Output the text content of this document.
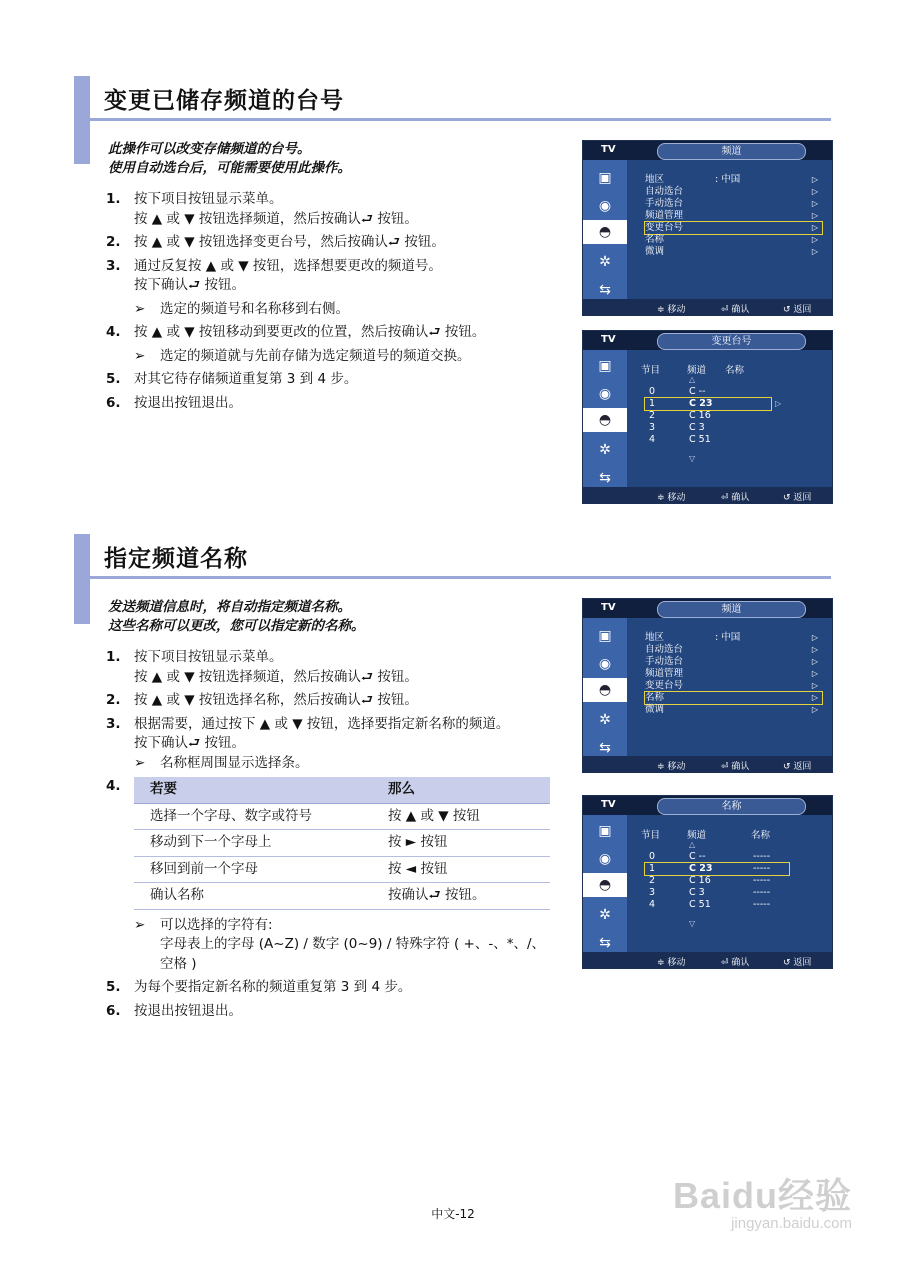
变更已储存频道的台号
此操作可以改变存储频道的台号。
使用自动选台后，可能需要使用此操作。
1. 按下项目按钮显示菜单。
按 ▲ 或 ▼ 按钮选择频道，然后按确认⮐ 按钮。
2. 按 ▲ 或 ▼ 按钮选择变更台号，然后按确认⮐ 按钮。
3. 通过反复按 ▲ 或 ▼ 按钮，选择想要更改的频道号。
按下确认⮐ 按钮。
➢ 选定的频道号和名称移到右侧。
4. 按 ▲ 或 ▼ 按钮移动到要更改的位置，然后按确认⮐ 按钮。
➢ 选定的频道就与先前存储为选定频道号的频道交换。
5. 对其它待存储频道重复第 3 到 4 步。
6. 按退出按钮退出。
TV	频道
▣
◉
◓
✲
⇆
地区	: 中国	▷
自动选台	▷
手动选台	▷
频道管理	▷
变更台号	▷
名称	▷
微调	▷
≑ 移动	⏎ 确认	↺ 返回
TV	变更台号
▣
◉
◓
✲
⇆
节目	频道 名称
△
0	C --
1	C 23	▷
2	C 16
3	C 3
4	C 51
▽
≑ 移动	⏎ 确认	↺ 返回
指定频道名称
发送频道信息时，将自动指定频道名称。
这些名称可以更改，您可以指定新的名称。
1. 按下项目按钮显示菜单。
按 ▲ 或 ▼ 按钮选择频道，然后按确认⮐ 按钮。
2. 按 ▲ 或 ▼ 按钮选择名称，然后按确认⮐ 按钮。
3. 根据需要，通过按下 ▲ 或 ▼ 按钮，选择要指定新名称的频道。
按下确认⮐ 按钮。
➢ 名称框周围显示选择条。
4. 若要	那么
选择一个字母、数字或符号	按 ▲ 或 ▼ 按钮
移动到下一个字母上	按 ► 按钮
移回到前一个字母	按 ◄ 按钮
确认名称	按确认⮐ 按钮。
➢ 可以选择的字符有:
字母表上的字母 (A~Z) / 数字 (0~9) / 特殊字符 ( +、-、*、/、
空格 )
5. 为每个要指定新名称的频道重复第 3 到 4 步。
6. 按退出按钮退出。
TV	频道
▣
◉
◓
✲
⇆
地区	: 中国	▷
自动选台	▷
手动选台	▷
频道管理	▷
变更台号	▷
名称	▷
微调	▷
≑ 移动	⏎ 确认	↺ 返回
TV	名称
▣
◉
◓
✲
⇆
节目	频道	名称
△
0	C --	-----
1	C 23	-----
2	C 16	-----
3	C 3	-----
4	C 51	-----
▽
≑ 移动	⏎ 确认	↺ 返回
中文-12	Baidu经验
jingyan.baidu.com
